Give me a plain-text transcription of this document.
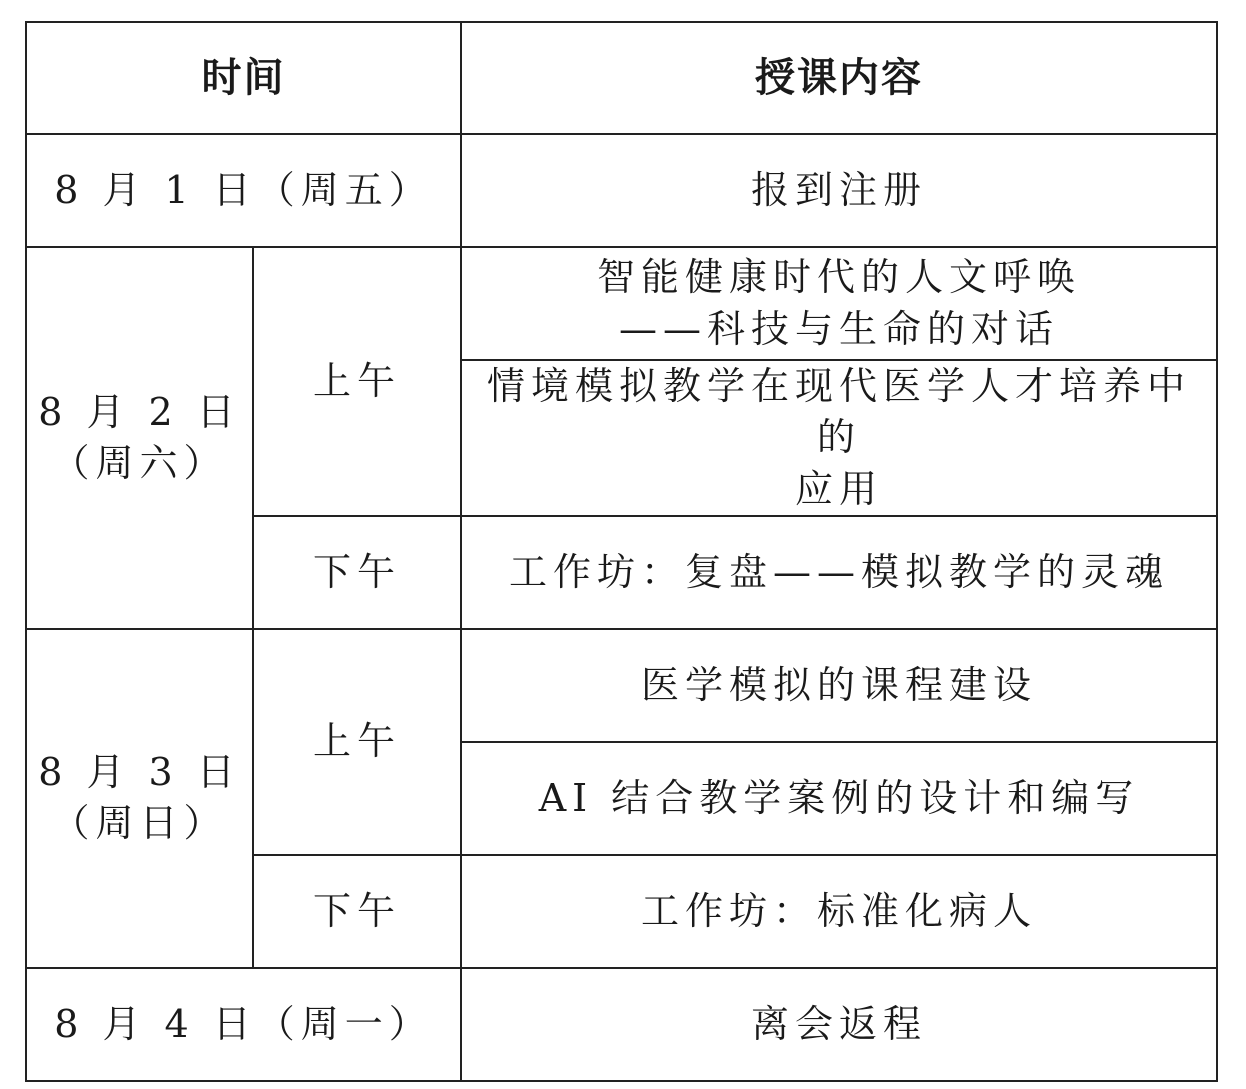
时间		授课内容
8 月 1 日（周五）		报到注册

8 月 2 日
（周六）	上午	智能健康时代的人文呼唤
——科技与生命的对话

		情境模拟教学在现代医学人才培养中的
应用

	下午	工作坊：复盘——模拟教学的灵魂

8 月 3 日
（周日）	上午	医学模拟的课程建设
		AI 结合教学案例的设计和编写
	下午	工作坊：标准化病人
8 月 4 日（周一）		离会返程
